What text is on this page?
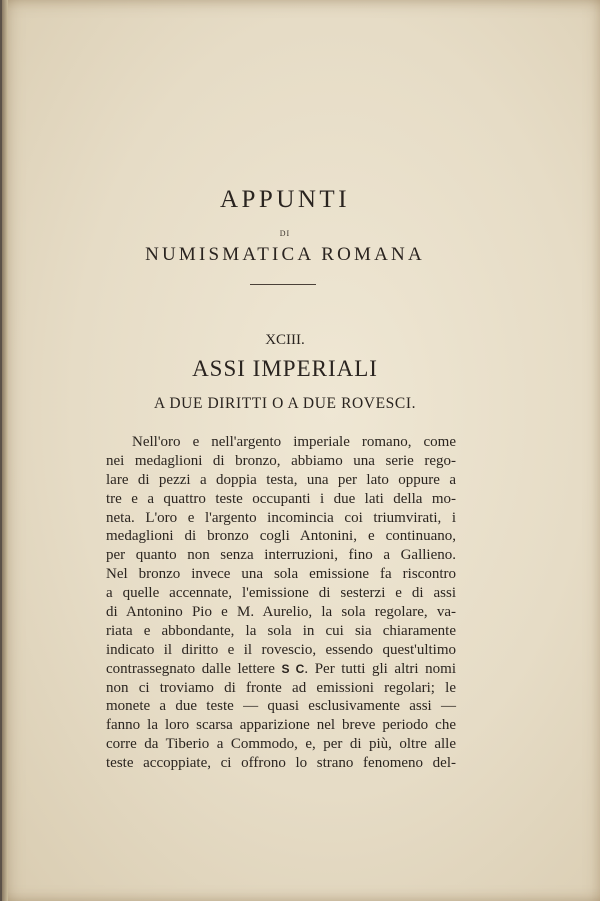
APPUNTI
DI
NUMISMATICA ROMANA
XCIII.
ASSI IMPERIALI
A DUE DIRITTI O A DUE ROVESCI.
Nell'oro e nell'argento imperiale romano, come
nei medaglioni di bronzo, abbiamo una serie rego-
lare di pezzi a doppia testa, una per lato oppure a
tre e a quattro teste occupanti i due lati della mo-
neta. L'oro e l'argento incomincia coi triumvirati, i
medaglioni di bronzo cogli Antonini, e continuano,
per quanto non senza interruzioni, fino a Gallieno.
Nel bronzo invece una sola emissione fa riscontro
a quelle accennate, l'emissione di sesterzi e di assi
di Antonino Pio e M. Aurelio, la sola regolare, va-
riata e abbondante, la sola in cui sia chiaramente
indicato il diritto e il rovescio, essendo quest'ultimo
contrassegnato dalle lettere S C. Per tutti gli altri nomi
non ci troviamo di fronte ad emissioni regolari; le
monete a due teste — quasi esclusivamente assi —
fanno la loro scarsa apparizione nel breve periodo che
corre da Tiberio a Commodo, e, per di più, oltre alle
teste accoppiate, ci offrono lo strano fenomeno del-
